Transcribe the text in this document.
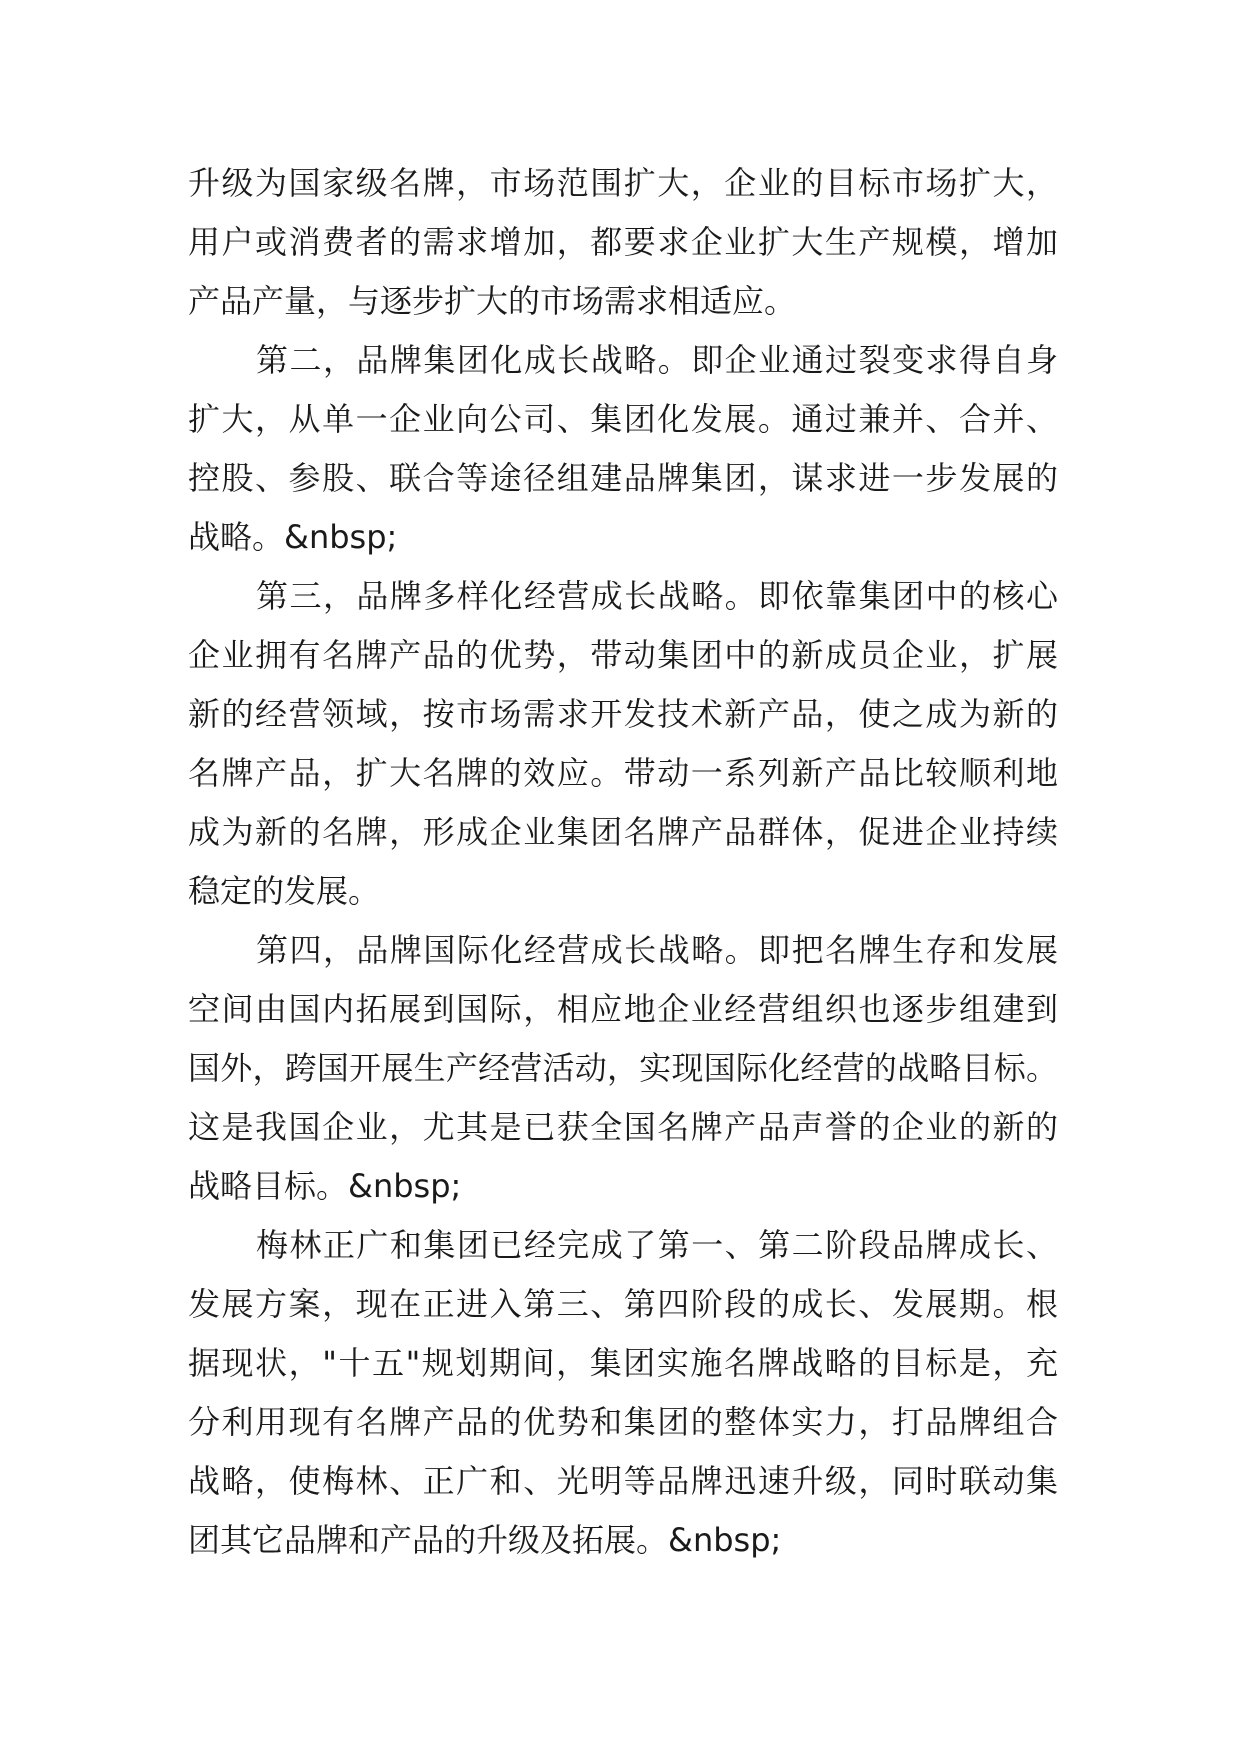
升级为国家级名牌，市场范围扩大，企业的目标市场扩大，
用户或消费者的需求增加，都要求企业扩大生产规模，增加
产品产量，与逐步扩大的市场需求相适应。
第二，品牌集团化成长战略。即企业通过裂变求得自身
扩大，从单一企业向公司、集团化发展。通过兼并、合并、
控股、参股、联合等途径组建品牌集团，谋求进一步发展的
战略。&nbsp;
第三，品牌多样化经营成长战略。即依靠集团中的核心
企业拥有名牌产品的优势，带动集团中的新成员企业，扩展
新的经营领域，按市场需求开发技术新产品，使之成为新的
名牌产品，扩大名牌的效应。带动一系列新产品比较顺利地
成为新的名牌，形成企业集团名牌产品群体，促进企业持续
稳定的发展。
第四，品牌国际化经营成长战略。即把名牌生存和发展
空间由国内拓展到国际，相应地企业经营组织也逐步组建到
国外，跨国开展生产经营活动，实现国际化经营的战略目标。
这是我国企业，尤其是已获全国名牌产品声誉的企业的新的
战略目标。&nbsp;
梅林正广和集团已经完成了第一、第二阶段品牌成长、
发展方案，现在正进入第三、第四阶段的成长、发展期。根
据现状，"十五"规划期间，集团实施名牌战略的目标是，充
分利用现有名牌产品的优势和集团的整体实力，打品牌组合
战略，使梅林、正广和、光明等品牌迅速升级，同时联动集
团其它品牌和产品的升级及拓展。&nbsp;
